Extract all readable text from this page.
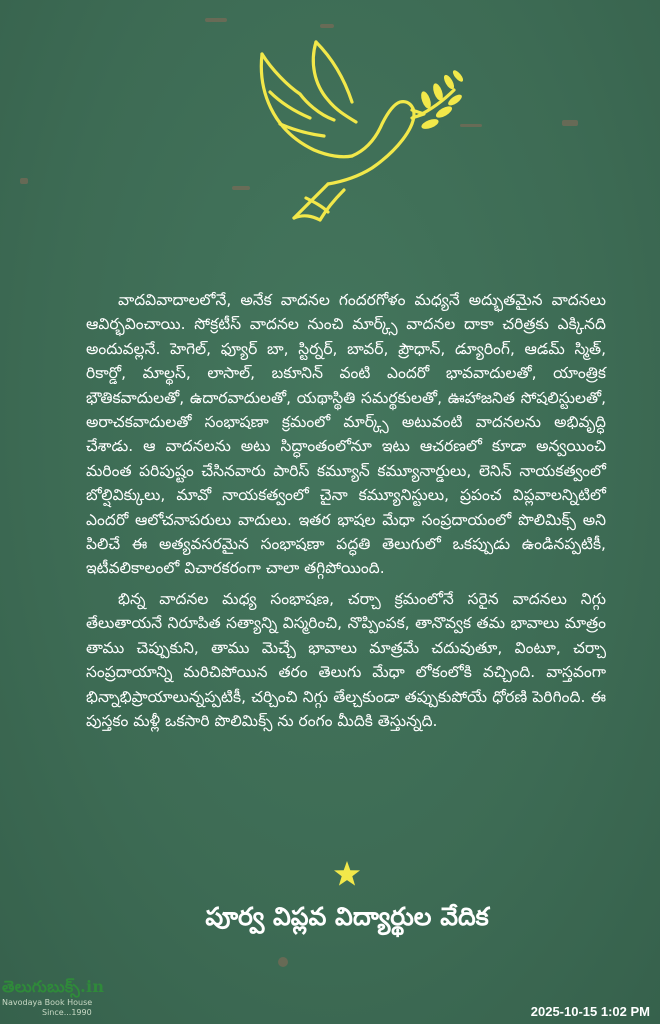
వాదవివాదాలలోనే, అనేక వాదనల గందరగోళం మధ్యనే అద్భుతమైన వాదనలు ఆవిర్భవించాయి. సోక్రటీస్ వాదనల నుంచి మార్క్స్ వాదనల దాకా చరిత్రకు ఎక్కినది అందువల్లనే. హెగెల్, ఫ్యూర్ బా, స్టిర్నర్, బావర్, ప్రౌధాన్, డ్యూరింగ్, ఆడమ్ స్మిత్, రికార్డో, మాల్థస్, లాసాల్, బకూనిన్ వంటి ఎందరో భావవాదులతో, యాంత్రిక భౌతికవాదులతో, ఉదారవాదులతో, యథాస్థితి సమర్థకులతో, ఊహాజనిత సోషలిస్టులతో, అరాచకవాదులతో సంభాషణా క్రమంలో మార్క్స్ అటువంటి వాదనలను అభివృద్ధి చేశాడు. ఆ వాదనలను అటు సిద్ధాంతంలోనూ ఇటు ఆచరణలో కూడా అన్వయించి మరింత పరిపుష్టం చేసినవారు పారిస్ కమ్యూన్ కమ్యూనార్డులు, లెనిన్ నాయకత్వంలో బోల్షివిక్కులు, మావో నాయకత్వంలో చైనా కమ్యూనిస్టులు, ప్రపంచ విప్లవాలన్నిటిలో ఎందరో ఆలోచనాపరులు వాదులు. ఇతర భాషల మేధా సంప్రదాయంలో పొలిమిక్స్ అని పిలిచే ఈ అత్యవసరమైన సంభాషణా పద్ధతి తెలుగులో ఒకప్పుడు ఉండినప్పటికీ, ఇటీవలికాలంలో విచారకరంగా చాలా తగ్గిపోయింది.

భిన్న వాదనల మధ్య సంభాషణ, చర్చా క్రమంలోనే సరైన వాదనలు నిగ్గు తేలుతాయనే నిరూపిత సత్యాన్ని విస్మరించి, నొప్పింపక, తానొవ్వక తమ భావాలు మాత్రం తాము చెప్పుకుని, తాము మెచ్చే భావాలు మాత్రమే చదువుతూ, వింటూ, చర్చా సంప్రదాయాన్ని మరిచిపోయిన తరం తెలుగు మేధా లోకంలోకి వచ్చింది. వాస్తవంగా భిన్నాభిప్రాయాలున్నప్పటికీ, చర్చించి నిగ్గు తేల్చకుండా తప్పుకుపోయే ధోరణి పెరిగింది. ఈ పుస్తకం మళ్లీ ఒకసారి పొలిమిక్స్ ను రంగం మీదికి తెస్తున్నది.

పూర్వ విప్లవ విద్యార్థుల వేదిక
తెలుగుబుక్స్.in
Navodaya Book House
Since...1990	2025-10-15 1:02 PM
